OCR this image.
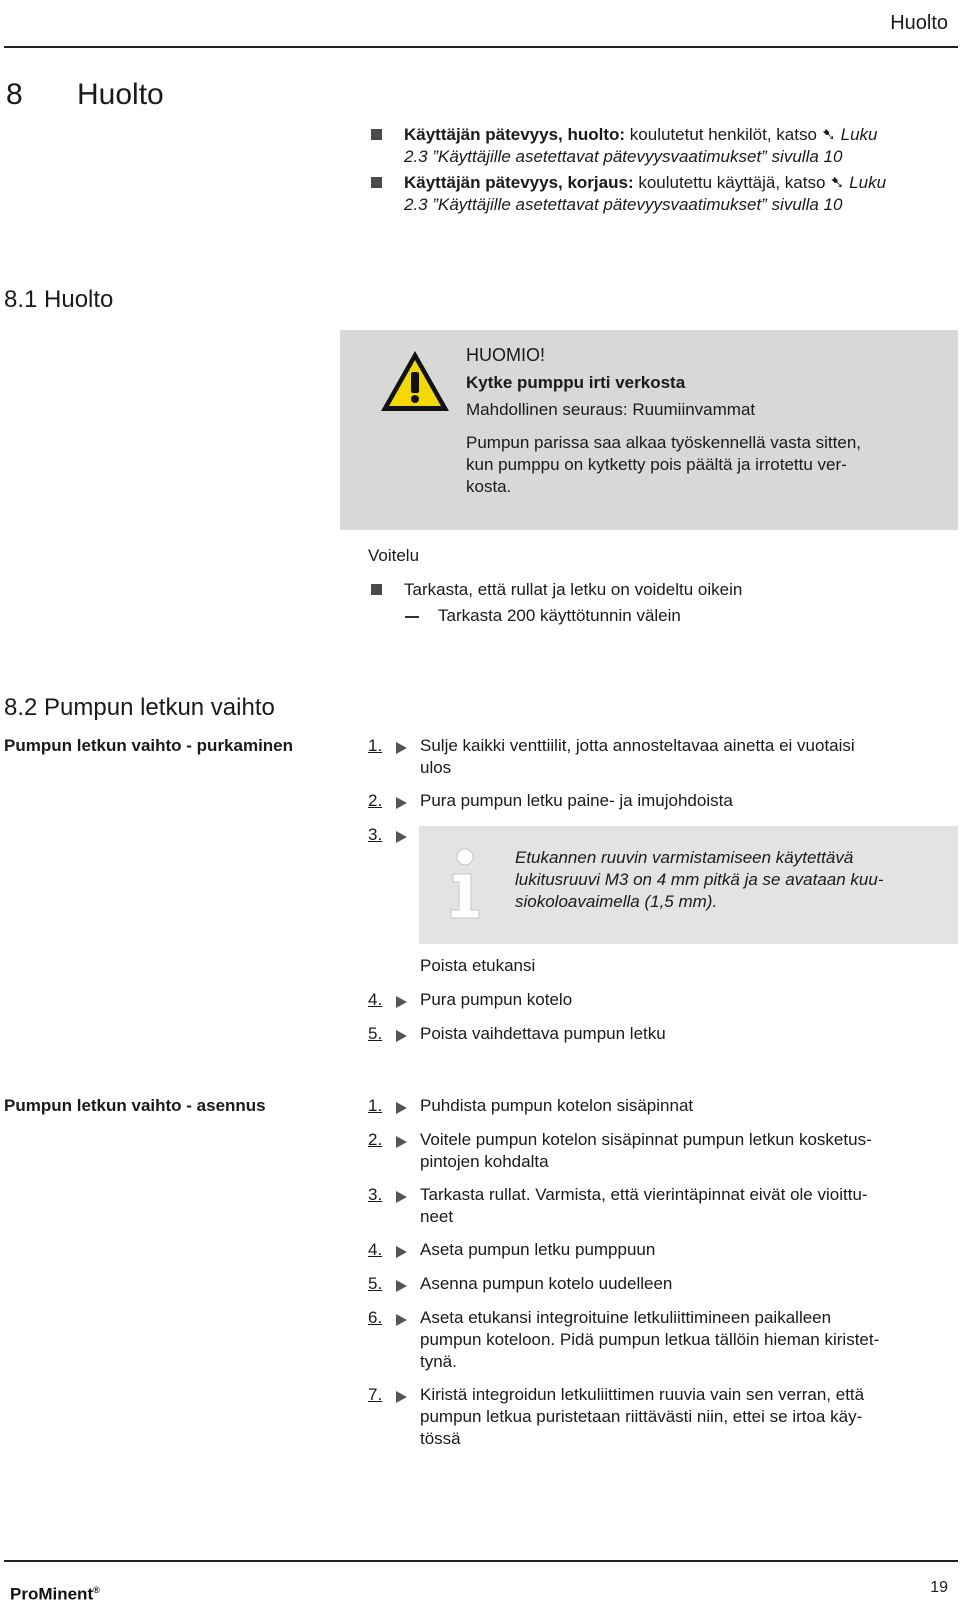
Huolto
8 Huolto
Käyttäjän pätevyys, huolto: koulutetut henkilöt, katso ➷ Luku
2.3 ”Käyttäjille asetettavat pätevyysvaatimukset” sivulla 10
Käyttäjän pätevyys, korjaus: koulutettu käyttäjä, katso ➷ Luku
2.3 ”Käyttäjille asetettavat pätevyysvaatimukset” sivulla 10
8.1 Huolto
HUOMIO!
Kytke pumppu irti verkosta
Mahdollinen seuraus: Ruumiinvammat
Pumpun parissa saa alkaa työskennellä vasta sitten,
kun pumppu on kytketty pois päältä ja irrotettu ver-
kosta.
Voitelu
Tarkasta, että rullat ja letku on voideltu oikein
Tarkasta 200 käyttötunnin välein
8.2 Pumpun letkun vaihto
Pumpun letkun vaihto - purkaminen	1. Sulje kaikki venttiilit, jotta annosteltavaa ainetta ei vuotaisi
ulos
2. Pura pumpun letku paine- ja imujohdoista
3.
Etukannen ruuvin varmistamiseen käytettävä
lukitusruuvi M3 on 4 mm pitkä ja se avataan kuu-
siokoloavaimella (1,5 mm).
Poista etukansi
4. Pura pumpun kotelo
5. Poista vaihdettava pumpun letku
Pumpun letkun vaihto - asennus	1. Puhdista pumpun kotelon sisäpinnat
2. Voitele pumpun kotelon sisäpinnat pumpun letkun kosketus-
pintojen kohdalta
3. Tarkasta rullat. Varmista, että vierintäpinnat eivät ole vioittu-
neet
4. Aseta pumpun letku pumppuun
5. Asenna pumpun kotelo uudelleen
6. Aseta etukansi integroituine letkuliittimineen paikalleen
pumpun koteloon. Pidä pumpun letkua tällöin hieman kiristet-
tynä.
7. Kiristä integroidun letkuliittimen ruuvia vain sen verran, että
pumpun letkua puristetaan riittävästi niin, ettei se irtoa käy-
tössä
ProMinent®	19
